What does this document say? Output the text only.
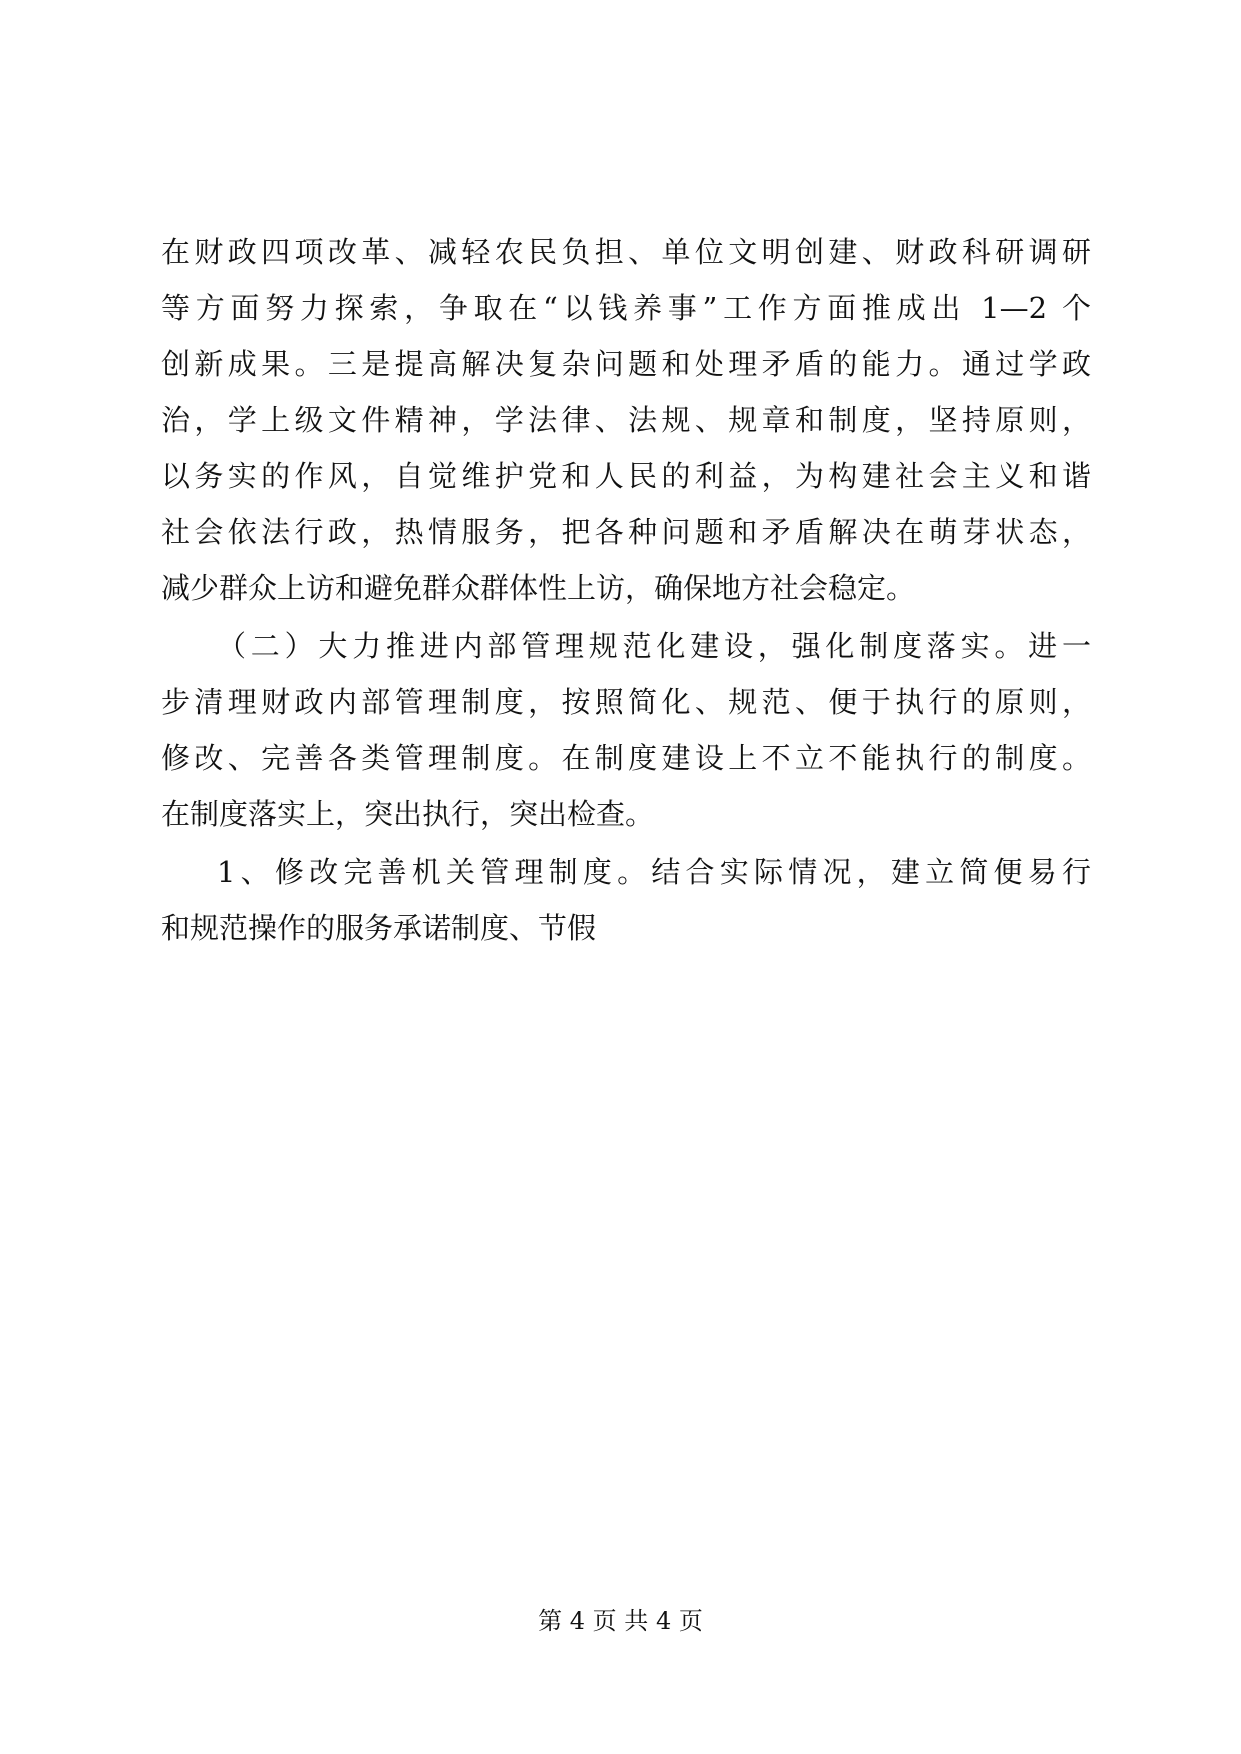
在财政四项改革、减轻农民负担、单位文明创建、财政科研调研
等方面努力探索，争取在“以钱养事”工作方面推成出 1—2 个
创新成果。三是提高解决复杂问题和处理矛盾的能力。通过学政
治，学上级文件精神，学法律、法规、规章和制度，坚持原则，
以务实的作风，自觉维护党和人民的利益，为构建社会主义和谐
社会依法行政，热情服务，把各种问题和矛盾解决在萌芽状态，
减少群众上访和避免群众群体性上访，确保地方社会稳定。
（二）大力推进内部管理规范化建设，强化制度落实。进一
步清理财政内部管理制度，按照简化、规范、便于执行的原则，
修改、完善各类管理制度。在制度建设上不立不能执行的制度。
在制度落实上，突出执行，突出检查。
1、修改完善机关管理制度。结合实际情况，建立简便易行
和规范操作的服务承诺制度、节假
第 4 页 共 4 页
